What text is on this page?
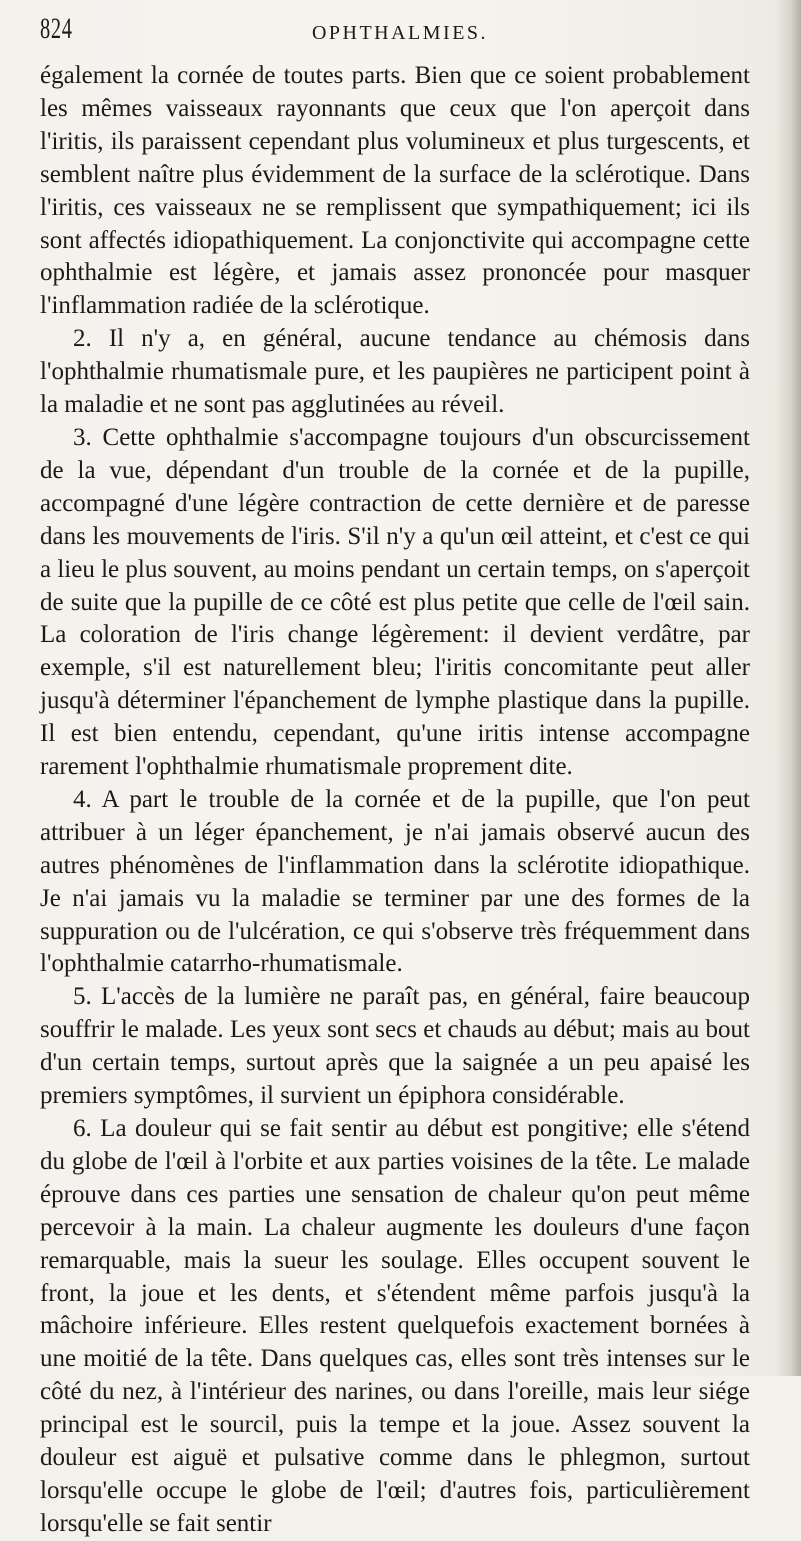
824	OPHTHALMIES.

également la cornée de toutes parts. Bien que ce soient probablement les mêmes vaisseaux rayonnants que ceux que l'on aperçoit dans l'iritis, ils paraissent cependant plus volumineux et plus turgescents, et semblent naître plus évidemment de la surface de la sclérotique. Dans l'iritis, ces vaisseaux ne se remplissent que sympathiquement; ici ils sont affectés idiopathiquement. La conjonctivite qui accompagne cette ophthalmie est légère, et jamais assez prononcée pour masquer l'inflammation radiée de la sclérotique.

2. Il n'y a, en général, aucune tendance au chémosis dans l'ophthalmie rhumatismale pure, et les paupières ne participent point à la maladie et ne sont pas agglutinées au réveil.

3. Cette ophthalmie s'accompagne toujours d'un obscurcissement de la vue, dépendant d'un trouble de la cornée et de la pupille, accompagné d'une légère contraction de cette dernière et de paresse dans les mouvements de l'iris. S'il n'y a qu'un œil atteint, et c'est ce qui a lieu le plus souvent, au moins pendant un certain temps, on s'aperçoit de suite que la pupille de ce côté est plus petite que celle de l'œil sain. La coloration de l'iris change légèrement: il devient verdâtre, par exemple, s'il est naturellement bleu; l'iritis concomitante peut aller jusqu'à déterminer l'épanchement de lymphe plastique dans la pupille. Il est bien entendu, cependant, qu'une iritis intense accompagne rarement l'ophthalmie rhumatismale proprement dite.

4. A part le trouble de la cornée et de la pupille, que l'on peut attribuer à un léger épanchement, je n'ai jamais observé aucun des autres phénomènes de l'inflammation dans la sclérotite idiopathique. Je n'ai jamais vu la maladie se terminer par une des formes de la suppuration ou de l'ulcération, ce qui s'observe très fréquemment dans l'ophthalmie catarrho-rhumatismale.

5. L'accès de la lumière ne paraît pas, en général, faire beaucoup souffrir le malade. Les yeux sont secs et chauds au début; mais au bout d'un certain temps, surtout après que la saignée a un peu apaisé les premiers symptômes, il survient un épiphora considérable.

6. La douleur qui se fait sentir au début est pongitive; elle s'étend du globe de l'œil à l'orbite et aux parties voisines de la tête. Le malade éprouve dans ces parties une sensation de chaleur qu'on peut même percevoir à la main. La chaleur augmente les douleurs d'une façon remarquable, mais la sueur les soulage. Elles occupent souvent le front, la joue et les dents, et s'étendent même parfois jusqu'à la mâchoire inférieure. Elles restent quelquefois exactement bornées à une moitié de la tête. Dans quelques cas, elles sont très intenses sur le côté du nez, à l'intérieur des narines, ou dans l'oreille, mais leur siége principal est le sourcil, puis la tempe et la joue. Assez souvent la douleur est aiguë et pulsative comme dans le phlegmon, surtout lorsqu'elle occupe le globe de l'œil; d'autres fois, particulièrement lorsqu'elle se fait sentir
